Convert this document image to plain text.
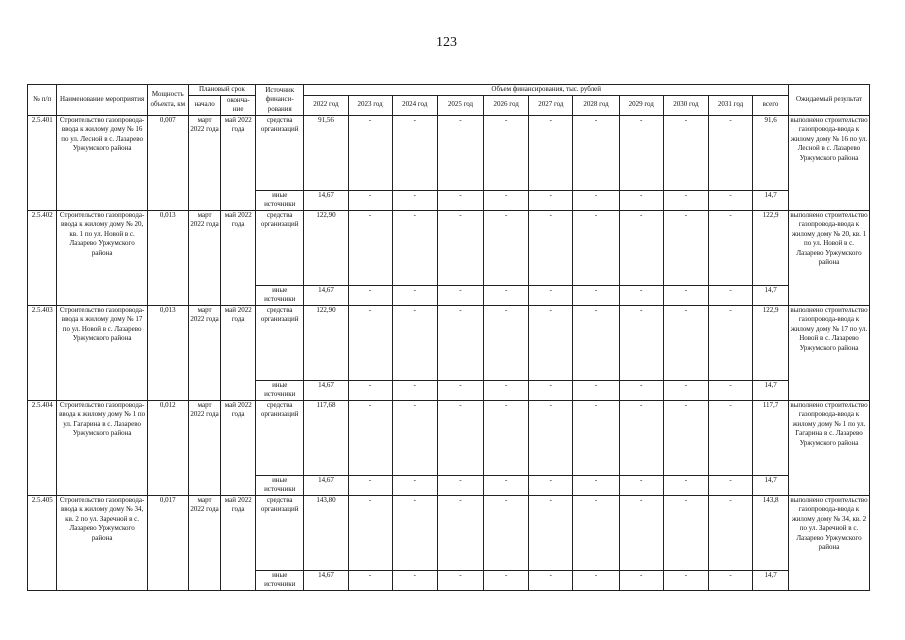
123
№ п/п	Наименование мероприятия	Мощность объекта, км	Плановый срок		Источник финанси-рования	Объем финансирования, тыс. рублей											Ожидаемый результат
			начало	оконча-ние		2022 год	2023 год	2024 год	2025 год	2026 год	2027 год	2028 год	2029 год	2030 год	2031 год	всего	
2.5.401	Строительство газопровода-ввода к жилому дому № 16 по ул. Лесной в с. Лазарево Уржумского района	0,007	март 2022 года	май 2022 года	средства организаций	91,56	-	-	-	-	-	-	-	-	-	91,6	выполнено строительство газопровода-ввода к жилому дому № 16 по ул. Лесной в с. Лазарево Уржумского района
					иные источники	14,67	-	-	-	-	-	-	-	-	-	14,7	
2.5.402	Строительство газопровода-ввода к жилому дому № 20, кв. 1 по ул. Новой в с. Лазарево Уржумского района	0,013	март 2022 года	май 2022 года	средства организаций	122,90	-	-	-	-	-	-	-	-	-	122,9	выполнено строительство газопровода-ввода к жилому дому № 20, кв. 1 по ул. Новой в с. Лазарево Уржумского района
					иные источники	14,67	-	-	-	-	-	-	-	-	-	14,7	
2.5.403	Строительство газопровода-ввода к жилому дому № 17 по ул. Новой в с. Лазарево Уржумского района	0,013	март 2022 года	май 2022 года	средства организаций	122,90	-	-	-	-	-	-	-	-	-	122,9	выполнено строительство газопровода-ввода к жилому дому № 17 по ул. Новой в с. Лазарево Уржумского района
					иные источники	14,67	-	-	-	-	-	-	-	-	-	14,7	
2.5.404	Строительство газопровода-ввода к жилому дому № 1 по ул. Гагарина в с. Лазарево Уржумского района	0,012	март 2022 года	май 2022 года	средства организаций	117,68	-	-	-	-	-	-	-	-	-	117,7	выполнено строительство газопровода-ввода к жилому дому № 1 по ул. Гагарина в с. Лазарево Уржумского района
					иные источники	14,67	-	-	-	-	-	-	-	-	-	14,7	
2.5.405	Строительство газопровода-ввода к жилому дому № 34, кв. 2 по ул. Заречной в с. Лазарево Уржумского района	0,017	март 2022 года	май 2022 года	средства организаций	143,80	-	-	-	-	-	-	-	-	-	143,8	выполнено строительство газопровода-ввода к жилому дому № 34, кв. 2 по ул. Заречной в с. Лазарево Уржумского района
					иные источники	14,67	-	-	-	-	-	-	-	-	-	14,7	
